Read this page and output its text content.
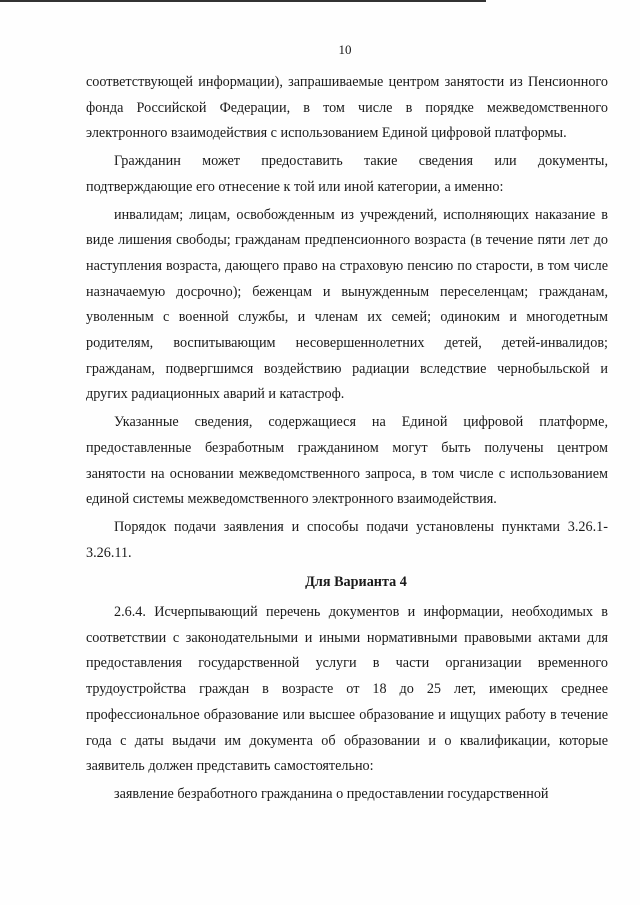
10

соответствующей информации), запрашиваемые центром занятости из Пенсионного фонда Российской Федерации, в том числе в порядке межведомственного электронного взаимодействия с использованием Единой цифровой платформы.

Гражданин может предоставить такие сведения или документы, подтверждающие его отнесение к той или иной категории, а именно:

инвалидам; лицам, освобожденным из учреждений, исполняющих наказание в виде лишения свободы; гражданам предпенсионного возраста (в течение пяти лет до наступления возраста, дающего право на страховую пенсию по старости, в том числе назначаемую досрочно); беженцам и вынужденным переселенцам; гражданам, уволенным с военной службы, и членам их семей; одиноким и многодетным родителям, воспитывающим несовершеннолетних детей, детей-инвалидов; гражданам, подвергшимся воздействию радиации вследствие чернобыльской и других радиационных аварий и катастроф.

Указанные сведения, содержащиеся на Единой цифровой платформе, предоставленные безработным гражданином могут быть получены центром занятости на основании межведомственного запроса, в том числе с использованием единой системы межведомственного электронного взаимодействия.

Порядок подачи заявления и способы подачи установлены пунктами 3.26.1-3.26.11.

Для Варианта 4

2.6.4. Исчерпывающий перечень документов и информации, необходимых в соответствии с законодательными и иными нормативными правовыми актами для предоставления государственной услуги в части организации временного трудоустройства граждан в возрасте от 18 до 25 лет, имеющих среднее профессиональное образование или высшее образование и ищущих работу в течение года с даты выдачи им документа об образовании и о квалификации, которые заявитель должен представить самостоятельно:

заявление безработного гражданина о предоставлении государственной
